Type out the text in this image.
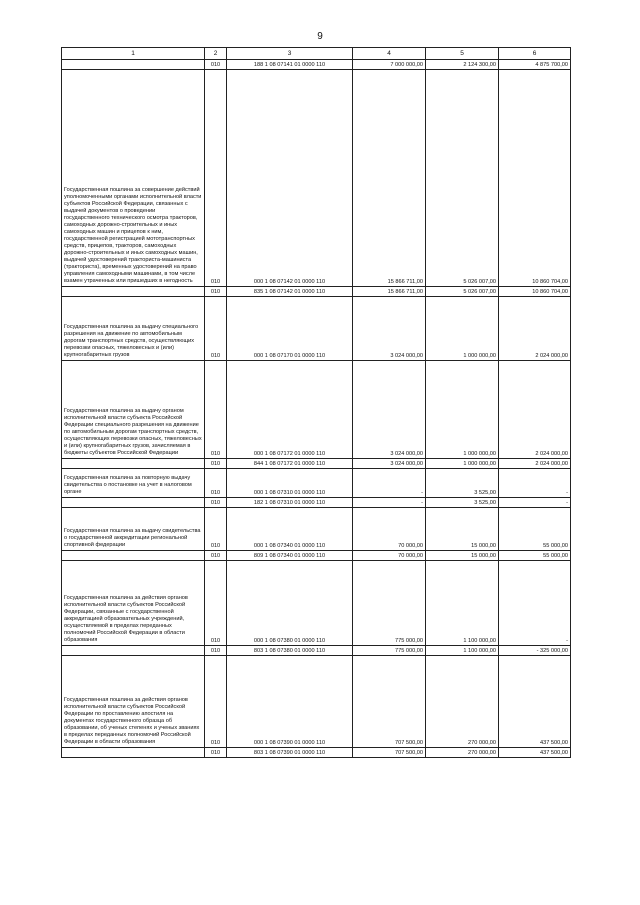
9
1	2	3	4	5	6
	010	188 1 08 07141 01 0000 110	7 000 000,00	2 124 300,00	4 875 700,00
Государственная пошлина за совершение действий уполномоченными органами исполнительной власти субъектов Российской Федерации, связанных с выдачей документов о проведении государственного технического осмотра тракторов, самоходных дорожно-строительных и иных самоходных машин и прицепов к ним, государственной регистрацией мототранспортных средств, прицепов, тракторов, самоходных дорожно-строительных и иных самоходных машин, выдачей удостоверений тракториста-машиниста (тракториста), временных удостоверений на право управления самоходными машинами, в том числе взамен утраченных или пришедших в негодность	010	000 1 08 07142 01 0000 110	15 866 711,00	5 026 007,00	10 860 704,00
	010	835 1 08 07142 01 0000 110	15 866 711,00	5 026 007,00	10 860 704,00
Государственная пошлина за выдачу специального разрешения на движение по автомобильным дорогам транспортных средств, осуществляющих перевозки опасных, тяжеловесных и (или) крупногабаритных грузов	010	000 1 08 07170 01 0000 110	3 024 000,00	1 000 000,00	2 024 000,00
Государственная пошлина за выдачу органом исполнительной власти субъекта Российской Федерации специального разрешения на движение по автомобильным дорогам транспортных средств, осуществляющих перевозки опасных, тяжеловесных и (или) крупногабаритных грузов, зачисляемая в бюджеты субъектов Российской Федерации	010	000 1 08 07172 01 0000 110	3 024 000,00	1 000 000,00	2 024 000,00
	010	844 1 08 07172 01 0000 110	3 024 000,00	1 000 000,00	2 024 000,00
Государственная пошлина за повторную выдачу свидетельства о постановке на учет в налоговом органе	010	000 1 08 07310 01 0000 110	-	3 525,00	-
	010	182 1 08 07310 01 0000 110	-	3 525,00	-
Государственная пошлина за выдачу свидетельства о государственной аккредитации региональной спортивной федерации	010	000 1 08 07340 01 0000 110	70 000,00	15 000,00	55 000,00
	010	809 1 08 07340 01 0000 110	70 000,00	15 000,00	55 000,00
Государственная пошлина за действия органов исполнительной власти субъектов Российской Федерации, связанные с государственной аккредитацией образовательных учреждений, осуществляемой в пределах переданных полномочий Российской Федерации в области образования	010	000 1 08 07380 01 0000 110	775 000,00	1 100 000,00	-
	010	803 1 08 07380 01 0000 110	775 000,00	1 100 000,00	- 325 000,00
Государственная пошлина за действия органов исполнительной власти субъектов Российской Федерации по проставлению апостиля на документах государственного образца об образовании, об ученых степенях и ученых званиях в пределах переданных полномочий Российской Федерации в области образования	010	000 1 08 07390 01 0000 110	707 500,00	270 000,00	437 500,00
	010	803 1 08 07390 01 0000 110	707 500,00	270 000,00	437 500,00
